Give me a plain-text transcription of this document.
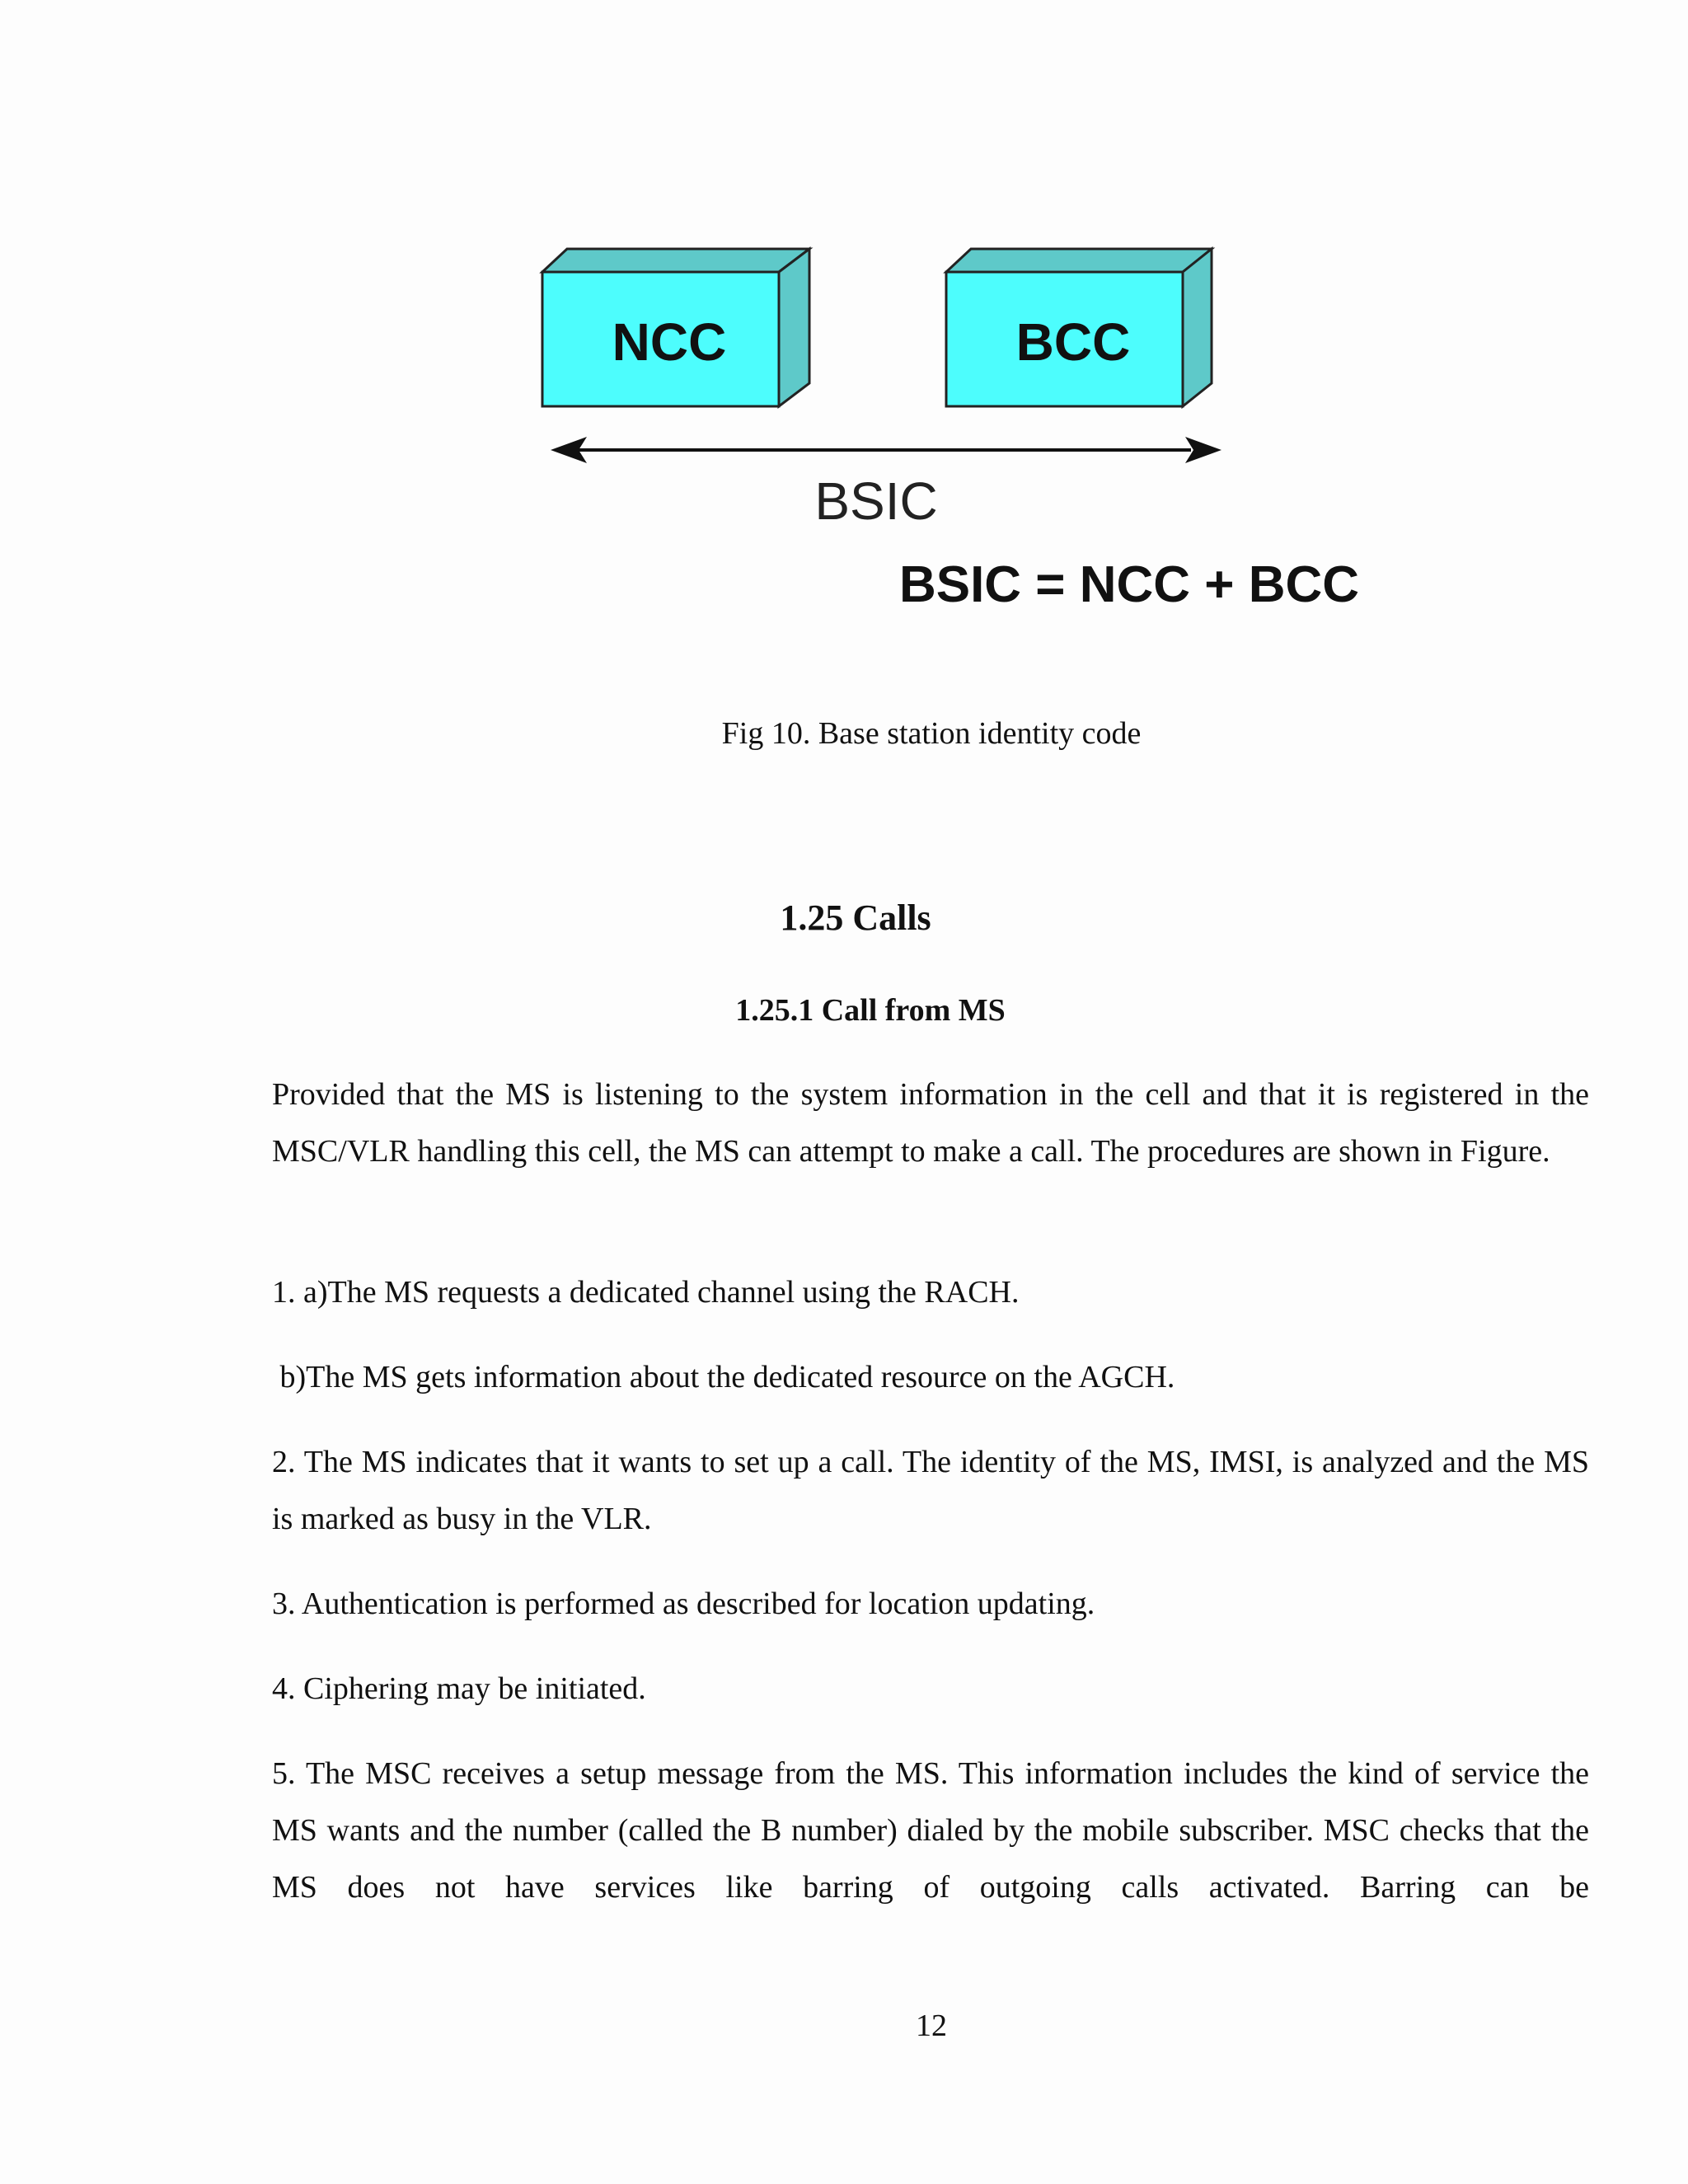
NCC	BCC
BSIC
BSIC = NCC + BCC
Fig 10. Base station identity code
1.25 Calls
1.25.1 Call from MS

Provided that the MS is listening to the system information in the cell and that it is registered in the MSC/VLR handling this cell, the MS can attempt to make a call. The procedures are shown in Figure.

1. a)The MS requests a dedicated channel using the RACH.

b)The MS gets information about the dedicated resource on the AGCH.

2. The MS indicates that it wants to set up a call. The identity of the MS, IMSI, is analyzed and the MS is marked as busy in the VLR.

3. Authentication is performed as described for location updating.

4. Ciphering may be initiated.

5. The MSC receives a setup message from the MS. This information includes the kind of service the MS wants and the number (called the B number) dialed by the mobile subscriber. MSC checks that the MS does not have services like barring of outgoing calls activated. Barring can be

12
